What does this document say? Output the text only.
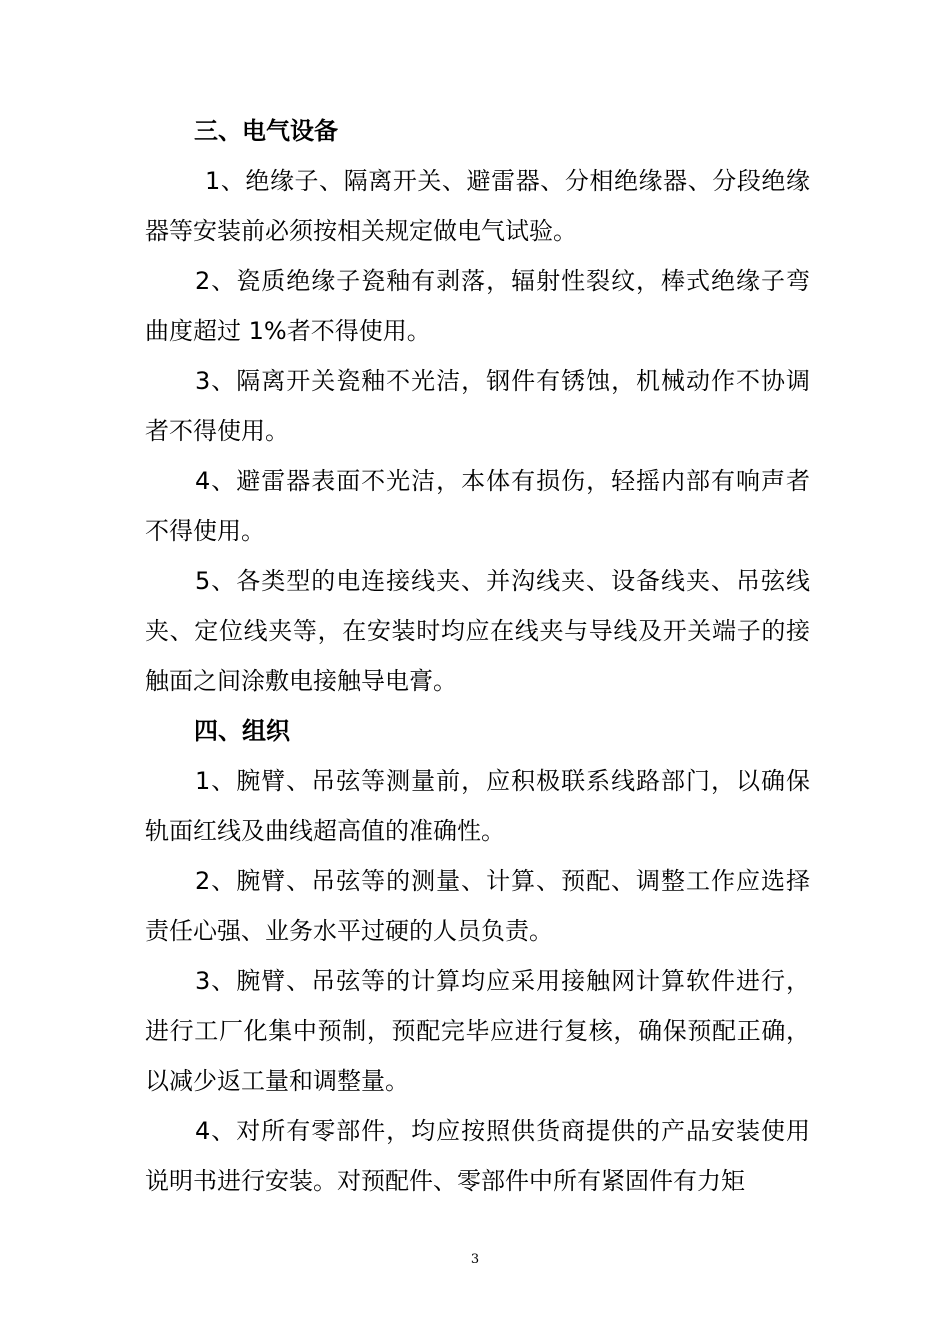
三、电气设备

1、绝缘子、隔离开关、避雷器、分相绝缘器、分段绝缘器等安装前必须按相关规定做电气试验。

2、瓷质绝缘子瓷釉有剥落，辐射性裂纹，棒式绝缘子弯曲度超过 1%者不得使用。

3、隔离开关瓷釉不光洁，钢件有锈蚀，机械动作不协调者不得使用。

4、避雷器表面不光洁，本体有损伤，轻摇内部有响声者不得使用。

5、各类型的电连接线夹、并沟线夹、设备线夹、吊弦线夹、定位线夹等，在安装时均应在线夹与导线及开关端子的接触面之间涂敷电接触导电膏。

四、组织

1、腕臂、吊弦等测量前，应积极联系线路部门，以确保轨面红线及曲线超高值的准确性。

2、腕臂、吊弦等的测量、计算、预配、调整工作应选择责任心强、业务水平过硬的人员负责。

3、腕臂、吊弦等的计算均应采用接触网计算软件进行，进行工厂化集中预制，预配完毕应进行复核，确保预配正确，以减少返工量和调整量。

4、对所有零部件，均应按照供货商提供的产品安装使用说明书进行安装。对预配件、零部件中所有紧固件有力矩

3
